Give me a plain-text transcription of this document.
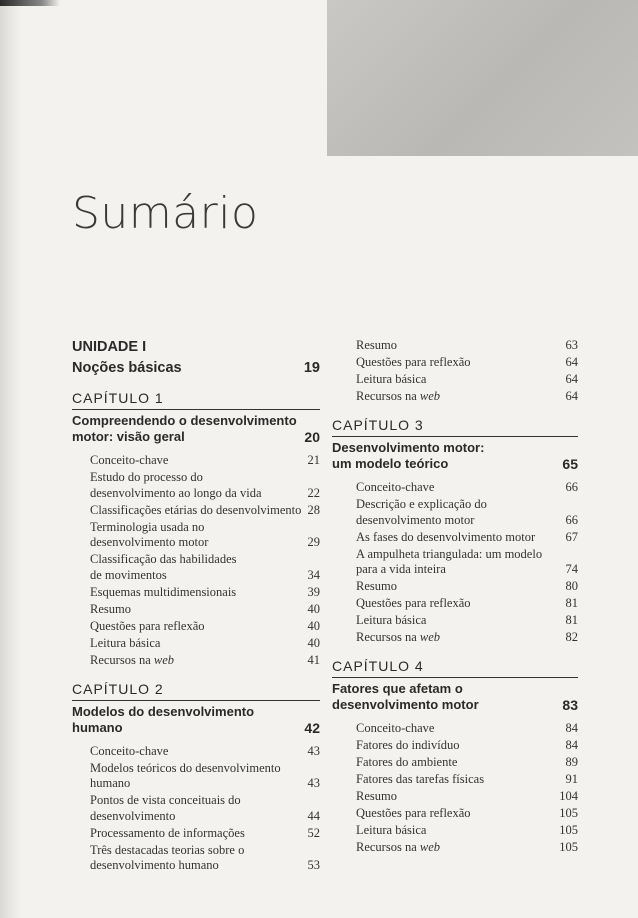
Sumário
UNIDADE I
Noções básicas	19
CAPÍTULO 1
Compreendendo o desenvolvimento
motor: visão geral	20
Conceito-chave	21
Estudo do processo do
desenvolvimento ao longo da vida	22
Classificações etárias do desenvolvimento 28
Terminologia usada no
desenvolvimento motor	29
Classificação das habilidades
de movimentos	34
Esquemas multidimensionais	39
Resumo	40
Questões para reflexão	40
Leitura básica	40
Recursos na web	41
CAPÍTULO 2
Modelos do desenvolvimento humano	42
Conceito-chave	43
Modelos teóricos do desenvolvimento
humano	43
Pontos de vista conceituais do
desenvolvimento	44
Processamento de informações	52
Três destacadas teorias sobre o
desenvolvimento humano	53
Resumo	63
Questões para reflexão	64
Leitura básica	64
Recursos na web	64
CAPÍTULO 3
Desenvolvimento motor:
um modelo teórico	65
Conceito-chave	66
Descrição e explicação do
desenvolvimento motor	66
As fases do desenvolvimento motor 67
A ampulheta triangulada: um modelo
para a vida inteira	74
Resumo	80
Questões para reflexão	81
Leitura básica	81
Recursos na web	82
CAPÍTULO 4
Fatores que afetam o
desenvolvimento motor	83
Conceito-chave	84
Fatores do indivíduo	84
Fatores do ambiente	89
Fatores das tarefas físicas	91
Resumo	104
Questões para reflexão	105
Leitura básica	105
Recursos na web	105
